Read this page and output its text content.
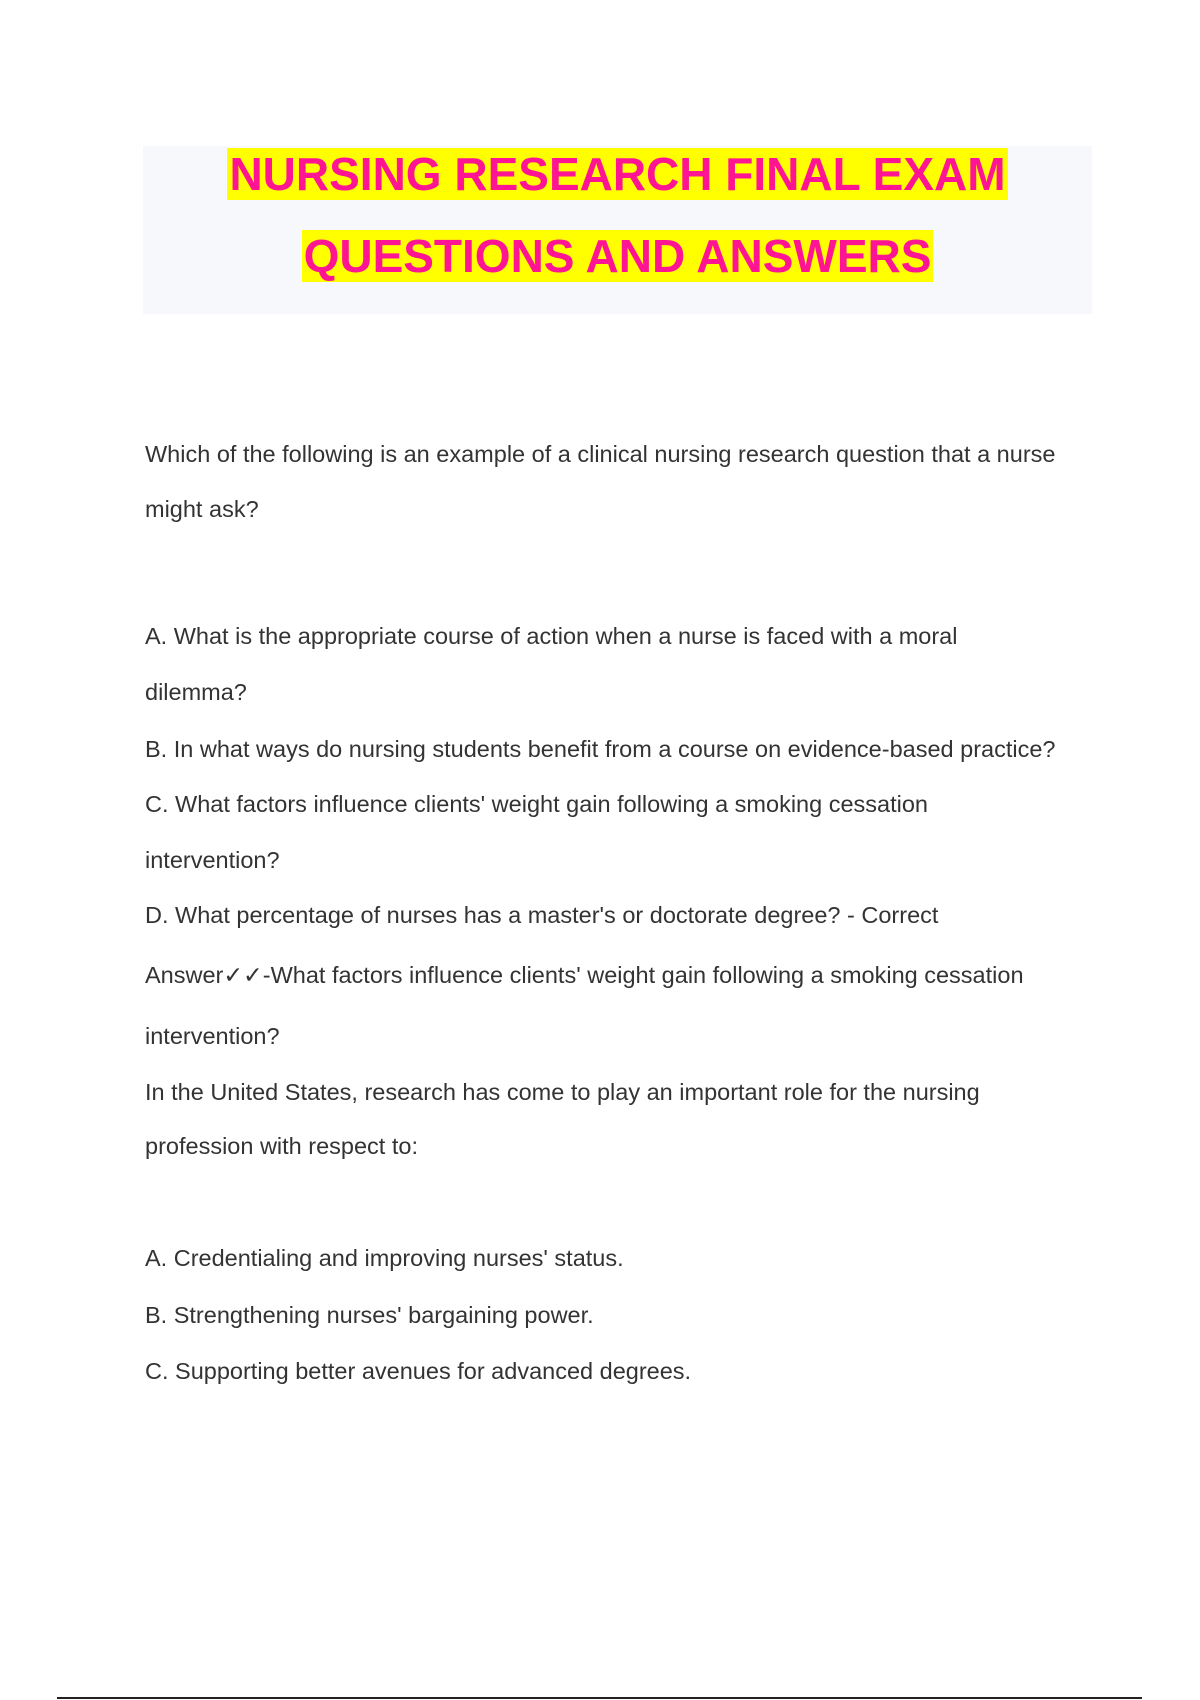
NURSING RESEARCH FINAL EXAM
QUESTIONS AND ANSWERS
Which of the following is an example of a clinical nursing research question that a nurse
might ask?
A. What is the appropriate course of action when a nurse is faced with a moral
dilemma?
B. In what ways do nursing students benefit from a course on evidence-based practice?
C. What factors influence clients' weight gain following a smoking cessation
intervention?
D. What percentage of nurses has a master's or doctorate degree? - Correct
Answer✓✓-What factors influence clients' weight gain following a smoking cessation
intervention?
In the United States, research has come to play an important role for the nursing
profession with respect to:
A. Credentialing and improving nurses' status.
B. Strengthening nurses' bargaining power.
C. Supporting better avenues for advanced degrees.
